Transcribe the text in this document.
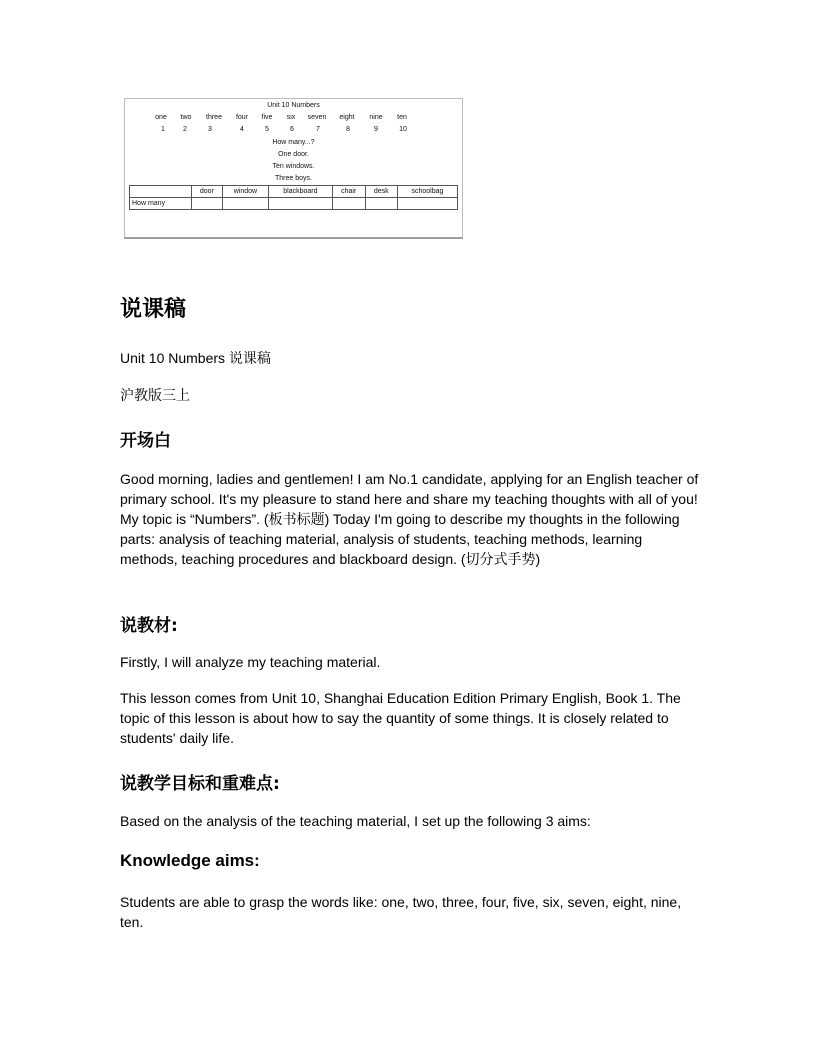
Unit 10 Numbers
one	two	three	four	five	six	seven	eight	nine	ten
1	2	3	4	5	6	7	8	9	10
How many...?
One door.
Ten windows.
Three boys.
	door	window	blackboard	chair	desk	schoolbag
How many						
说课稿
Unit 10 Numbers 说课稿
沪教版三上
开场白
Good morning, ladies and gentlemen! I am No.1 candidate, applying for an English teacher of primary school. It's my pleasure to stand here and share my teaching thoughts with all of you! My topic is “Numbers”. (板书标题) Today I'm going to describe my thoughts in the following parts: analysis of teaching material, analysis of students, teaching methods, learning methods, teaching procedures and blackboard design. (切分式手势)
说教材:
Firstly, I will analyze my teaching material.
This lesson comes from Unit 10, Shanghai Education Edition Primary English, Book 1. The topic of this lesson is about how to say the quantity of some things. It is closely related to students' daily life.
说教学目标和重难点:
Based on the analysis of the teaching material, I set up the following 3 aims:
Knowledge aims:
Students are able to grasp the words like: one, two, three, four, five, six, seven, eight, nine, ten.
